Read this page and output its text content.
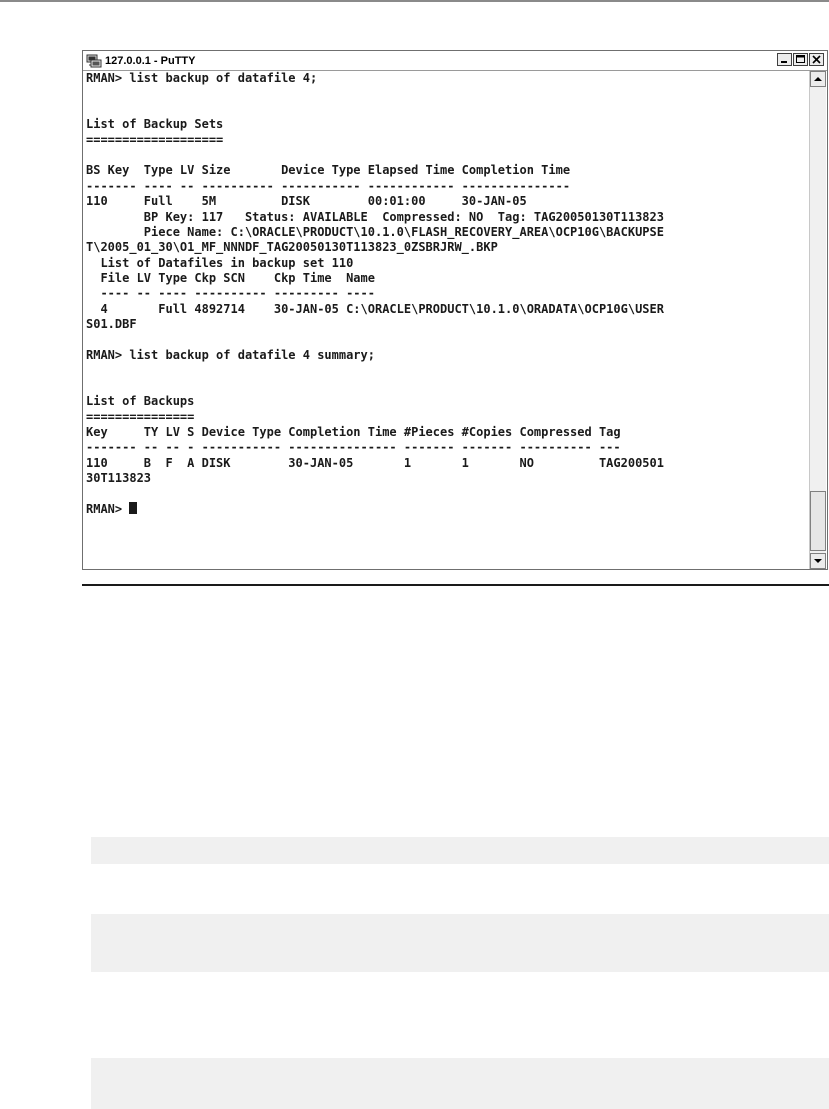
127.0.0.1 - PuTTY
RMAN> list backup of datafile 4;
List of Backup Sets
===================
BS Key  Type LV Size       Device Type Elapsed Time Completion Time
------- ---- -- ---------- ----------- ------------ ---------------
110     Full    5M         DISK        00:01:00     30-JAN-05
BP Key: 117   Status: AVAILABLE  Compressed: NO  Tag: TAG20050130T113823
Piece Name: C:\ORACLE\PRODUCT\10.1.0\FLASH_RECOVERY_AREA\OCP10G\BACKUPSE
T\2005_01_30\O1_MF_NNNDF_TAG20050130T113823_0ZSBRJRW_.BKP
List of Datafiles in backup set 110
File LV Type Ckp SCN    Ckp Time  Name
---- -- ---- ---------- --------- ----
4       Full 4892714    30-JAN-05 C:\ORACLE\PRODUCT\10.1.0\ORADATA\OCP10G\USER
S01.DBF
RMAN> list backup of datafile 4 summary;
List of Backups
===============
Key     TY LV S Device Type Completion Time #Pieces #Copies Compressed Tag
------- -- -- - ----------- --------------- ------- ------- ---------- ---
110     B  F  A DISK        30-JAN-05       1       1       NO         TAG200501
30T113823
RMAN>
